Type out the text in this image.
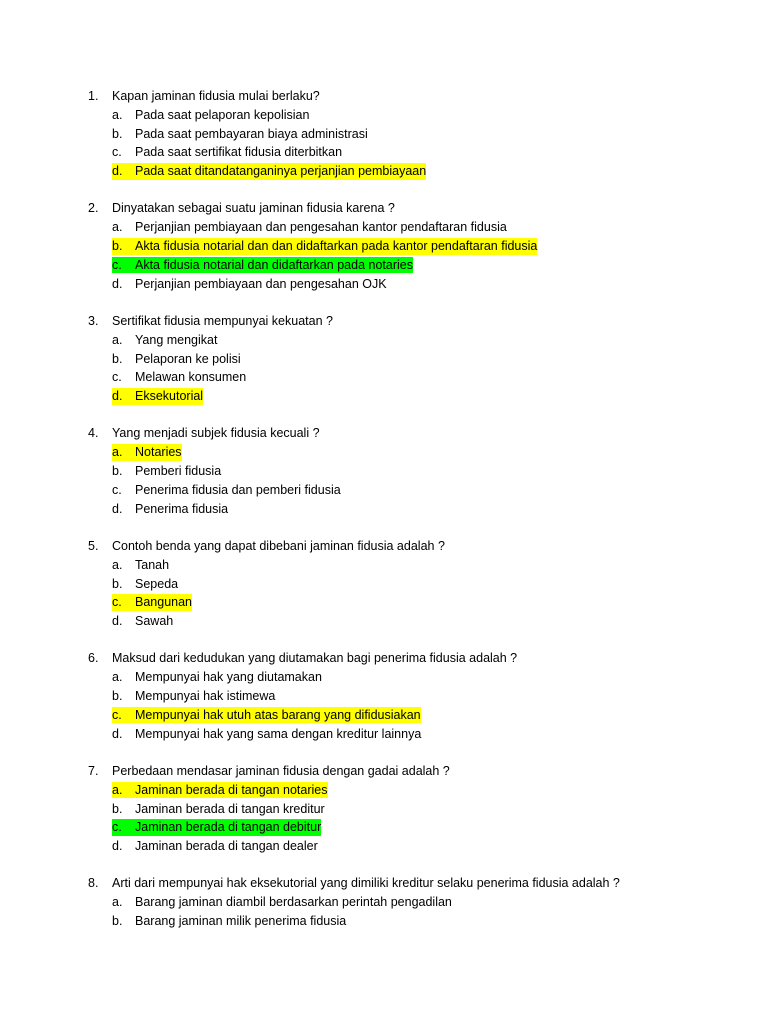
1. Kapan jaminan fidusia mulai berlaku?
a. Pada saat pelaporan kepolisian
b. Pada saat pembayaran biaya administrasi
c. Pada saat sertifikat fidusia diterbitkan
d. Pada saat ditandatanganinya perjanjian pembiayaan
2. Dinyatakan sebagai suatu jaminan fidusia karena ?
a. Perjanjian pembiayaan dan pengesahan kantor pendaftaran fidusia
b. Akta fidusia notarial dan dan didaftarkan pada kantor pendaftaran fidusia
c. Akta fidusia notarial dan didaftarkan pada notaries
d. Perjanjian pembiayaan dan pengesahan OJK
3. Sertifikat fidusia mempunyai kekuatan ?
a. Yang mengikat
b. Pelaporan ke polisi
c. Melawan konsumen
d. Eksekutorial
4. Yang menjadi subjek fidusia kecuali ?
a. Notaries
b. Pemberi fidusia
c. Penerima fidusia dan pemberi fidusia
d. Penerima fidusia
5. Contoh benda yang dapat dibebani jaminan fidusia adalah ?
a. Tanah
b. Sepeda
c. Bangunan
d. Sawah
6. Maksud dari kedudukan yang diutamakan bagi penerima fidusia adalah ?
a. Mempunyai hak yang diutamakan
b. Mempunyai hak istimewa
c. Mempunyai hak utuh atas barang yang difidusiakan
d. Mempunyai hak yang sama dengan kreditur lainnya
7. Perbedaan mendasar jaminan fidusia dengan gadai adalah ?
a. Jaminan berada di tangan notaries
b. Jaminan berada di tangan kreditur
c. Jaminan berada di tangan debitur
d. Jaminan berada di tangan dealer
8. Arti dari mempunyai hak eksekutorial yang dimiliki kreditur selaku penerima fidusia adalah ?
a. Barang jaminan diambil berdasarkan perintah pengadilan
b. Barang jaminan milik penerima fidusia
